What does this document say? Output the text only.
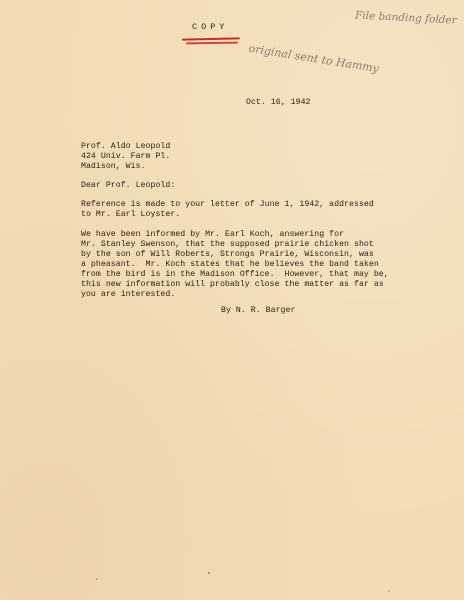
COPY
File banding folder
original sent to Hammy
Oct. 16, 1942
Prof. Aldo Leopold
424 Univ. Farm Pl.
Madison, Wis.
Dear Prof. Leopold:
Reference is made to your letter of June 1, 1942, addressed
to Mr. Earl Loyster.
We have been informed by Mr. Earl Koch, answering for
Mr. Stanley Swenson, that the supposed prairie chicken shot
by the son of Will Roberts, Strongs Prairie, Wisconsin, was
a pheasant.  Mr. Koch states that he believes the band taken
from the bird is in the Madison Office.  However, that may be,
this new information will probably close the matter as far as
you are interested.
By N. R. Barger
